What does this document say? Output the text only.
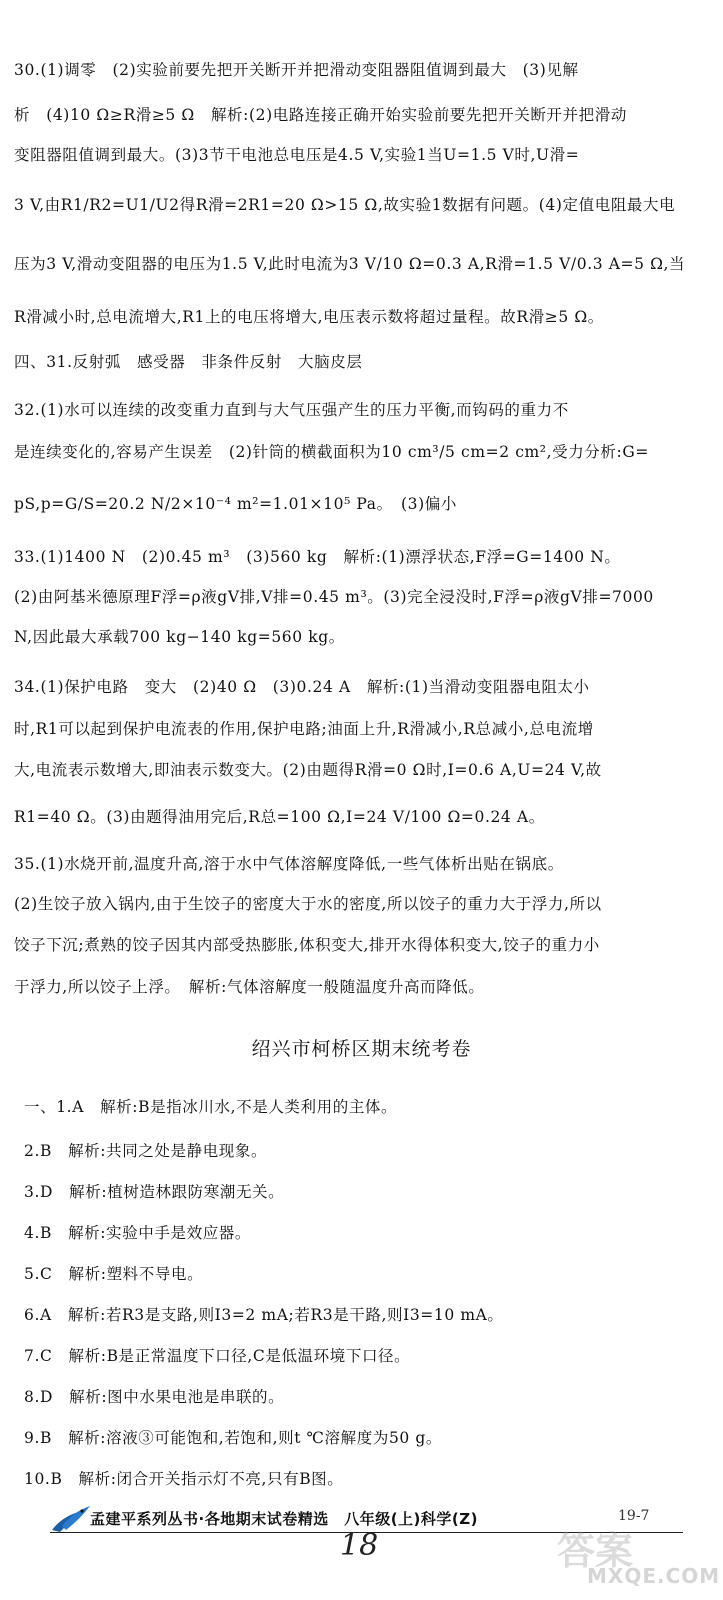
30.(1)调零　(2)实验前要先把开关断开并把滑动变阻器阻值调到最大　(3)见解
析　(4)10 Ω≥R滑≥5 Ω　解析:(2)电路连接正确开始实验前要先把开关断开并把滑动
变阻器阻值调到最大。(3)3节干电池总电压是4.5 V,实验1当U=1.5 V时,U滑=
3 V,由R1/R2=U1/U2得R滑=2R1=20 Ω>15 Ω,故实验1数据有问题。(4)定值电阻最大电
压为3 V,滑动变阻器的电压为1.5 V,此时电流为3 V/10 Ω=0.3 A,R滑=1.5 V/0.3 A=5 Ω,当
R滑减小时,总电流增大,R1上的电压将增大,电压表示数将超过量程。故R滑≥5 Ω。
四、31.反射弧　感受器　非条件反射　大脑皮层
32.(1)水可以连续的改变重力直到与大气压强产生的压力平衡,而钩码的重力不
是连续变化的,容易产生误差　(2)针筒的横截面积为10 cm³/5 cm=2 cm²,受力分析:G=
pS,p=G/S=20.2 N/2×10⁻⁴ m²=1.01×10⁵ Pa。　(3)偏小
33.(1)1400 N　(2)0.45 m³　(3)560 kg　解析:(1)漂浮状态,F浮=G=1400 N。
(2)由阿基米德原理F浮=ρ液gV排,V排=0.45 m³。(3)完全浸没时,F浮=ρ液gV排=7000
N,因此最大承载700 kg−140 kg=560 kg。
34.(1)保护电路　变大　(2)40 Ω　(3)0.24 A　解析:(1)当滑动变阻器电阻太小
时,R1可以起到保护电流表的作用,保护电路;油面上升,R滑减小,R总减小,总电流增
大,电流表示数增大,即油表示数变大。(2)由题得R滑=0 Ω时,I=0.6 A,U=24 V,故
R1=40 Ω。(3)由题得油用完后,R总=100 Ω,I=24 V/100 Ω=0.24 A。
35.(1)水烧开前,温度升高,溶于水中气体溶解度降低,一些气体析出贴在锅底。
(2)生饺子放入锅内,由于生饺子的密度大于水的密度,所以饺子的重力大于浮力,所以
饺子下沉;煮熟的饺子因其内部受热膨胀,体积变大,排开水得体积变大,饺子的重力小
于浮力,所以饺子上浮。　解析:气体溶解度一般随温度升高而降低。
绍兴市柯桥区期末统考卷
一、1.A　解析:B是指冰川水,不是人类利用的主体。
2.B　解析:共同之处是静电现象。
3.D　解析:植树造林跟防寒潮无关。
4.B　解析:实验中手是效应器。
5.C　解析:塑料不导电。
6.A　解析:若R3是支路,则I3=2 mA;若R3是干路,则I3=10 mA。
7.C　解析:B是正常温度下口径,C是低温环境下口径。
8.D　解析:图中水果电池是串联的。
9.B　解析:溶液③可能饱和,若饱和,则t ℃溶解度为50 g。
10.B　解析:闭合开关指示灯不亮,只有B图。
孟建平系列丛书·各地期末试卷精选　八年级(上)科学(Z)	19-7
18	答案
MXQE.COM
